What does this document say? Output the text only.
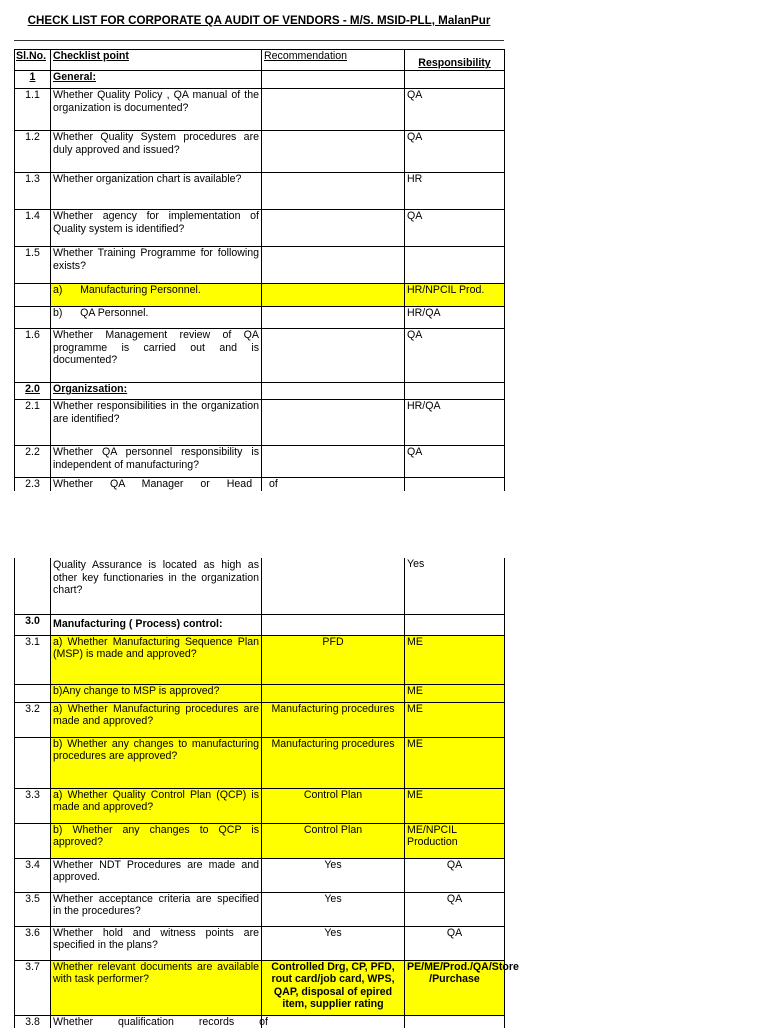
CHECK LIST FOR CORPORATE QA AUDIT OF VENDORS - M/S. MSID-PLL, MalanPur
Sl.No.	Checklist point	Recommendation	Responsibility
1	General:		
1.1	Whether Quality Policy , QA manual of the organization is documented?		QA
1.2	Whether Quality System procedures are duly approved and issued?		QA
1.3	Whether organization chart is available?		HR
1.4	Whether agency for implementation of Quality system is identified?		QA
1.5	Whether Training Programme for following exists?		
	a)      Manufacturing Personnel.		HR/NPCIL Prod.
	b)      QA Personnel.		HR/QA
1.6	Whether Management review of QA programme is carried out and is documented?		QA
2.0	Organizsation:		
2.1	Whether responsibilities in the organization are identified?		HR/QA
2.2	Whether QA personnel responsibility is independent of manufacturing?		QA
2.3	Whether QA Manager or Head of		
	Quality Assurance is located as high as other key functionaries in the organization chart?		Yes
3.0	Manufacturing ( Process) control:		
3.1	a) Whether Manufacturing Sequence Plan (MSP) is made and approved?	PFD	ME
	b)Any change to MSP is approved?		ME
3.2	a) Whether Manufacturing procedures are made and approved?	Manufacturing procedures	ME
	b) Whether any changes to manufacturing procedures are approved?	Manufacturing procedures	ME
3.3	a) Whether Quality Control Plan (QCP) is made and approved?	Control Plan	ME
	b) Whether any changes to QCP is approved?	Control Plan	ME/NPCIL Production
3.4	Whether NDT Procedures are made and approved.	Yes	QA
3.5	Whether acceptance criteria are specified in the procedures?	Yes	QA
3.6	Whether hold and witness points are specified in the plans?	Yes	QA
3.7	Whether relevant documents are available with task performer?	Controlled Drg, CP, PFD, rout card/job card, WPS, QAP, disposal of epired item, supplier rating	PE/ME/Prod./QA/Store /Purchase
3.8	Whether qualification records of		
